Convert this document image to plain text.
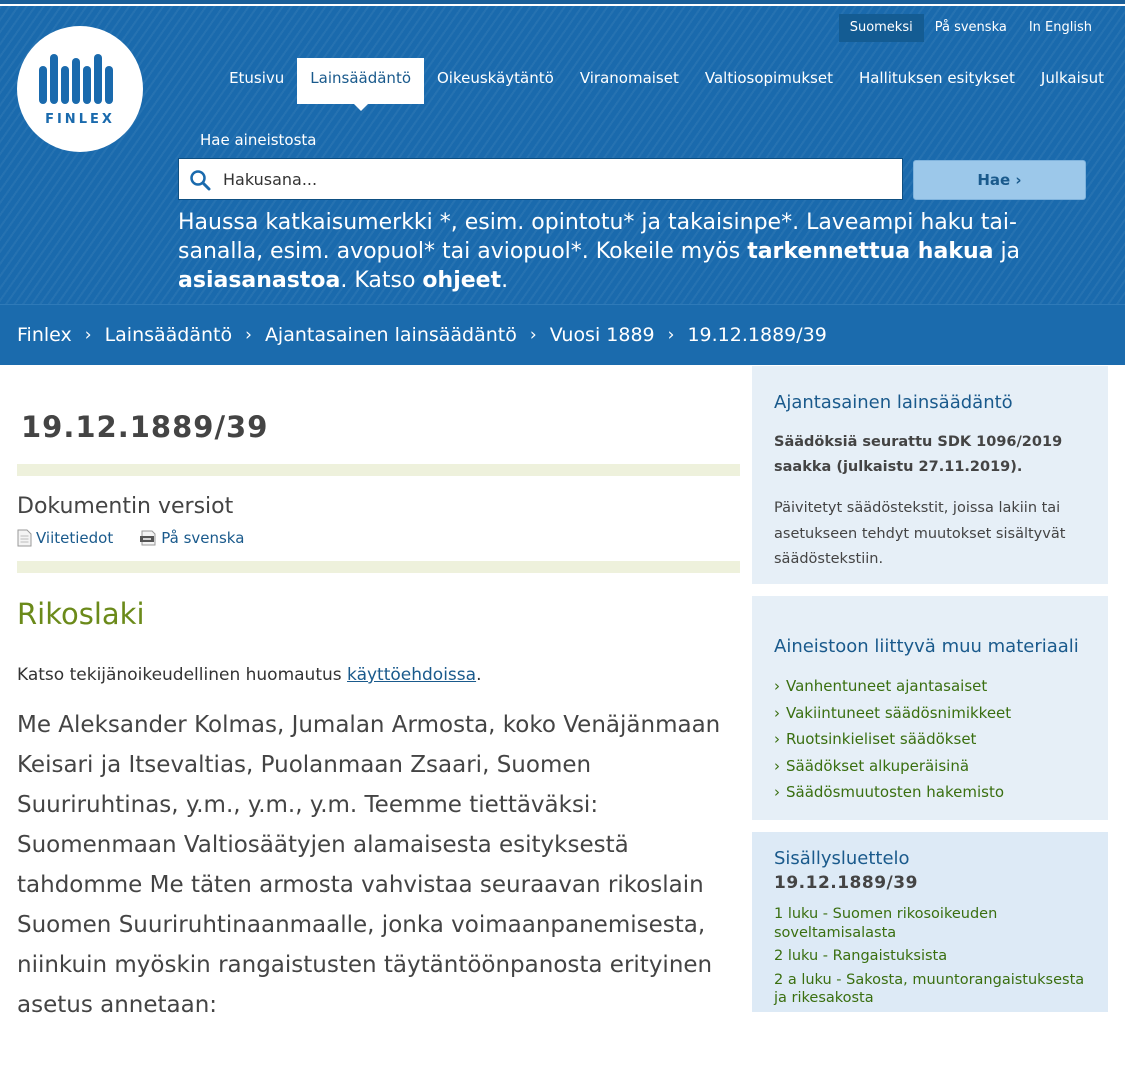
Suomeksi	På svenska	In English
FINLEX
Etusivu	Lainsäädäntö	Oikeuskäytäntö	Viranomaiset	Valtiosopimukset	Hallituksen esitykset	Julkaisut
Hae aineistosta
Hakusana...
Hae ›
Haussa katkaisumerkki *, esim. opintotu* ja takaisinpe*. Laveampi haku tai-sanalla, esim. avopuol* tai aviopuol*. Kokeile myös tarkennettua hakua ja asiasanastoa. Katso ohjeet.
Finlex › Lainsäädäntö › Ajantasainen lainsäädäntö › Vuosi 1889 › 19.12.1889/39
19.12.1889/39
Dokumentin versiot
Viitetiedot	På svenska
Rikoslaki
Katso tekijänoikeudellinen huomautus käyttöehdoissa.
Me Aleksander Kolmas, Jumalan Armosta, koko Venäjänmaan Keisari ja Itsevaltias, Puolanmaan Zsaari, Suomen Suuriruhtinas, y.m., y.m., y.m. Teemme tiettäväksi: Suomenmaan Valtiosäätyjen alamaisesta esityksestä tahdomme Me täten armosta vahvistaa seuraavan rikoslain Suomen Suuriruhtinaanmaalle, jonka voimaanpanemisesta, niinkuin myöskin rangaistusten täytäntöönpanosta erityinen asetus annetaan:
Ajantasainen lainsäädäntö
Säädöksiä seurattu SDK 1096/2019 saakka (julkaistu 27.11.2019).
Päivitetyt säädöstekstit, joissa lakiin tai asetukseen tehdyt muutokset sisältyvät säädöstekstiin.
Aineistoon liittyvä muu materiaali
› Vanhentuneet ajantasaiset
› Vakiintuneet säädösnimikkeet
› Ruotsinkieliset säädökset
› Säädökset alkuperäisinä
› Säädösmuutosten hakemisto
Sisällysluettelo
19.12.1889/39
1 luku - Suomen rikosoikeuden soveltamisalasta
2 luku - Rangaistuksista
2 a luku - Sakosta, muuntorangaistuksesta ja rikesakosta
